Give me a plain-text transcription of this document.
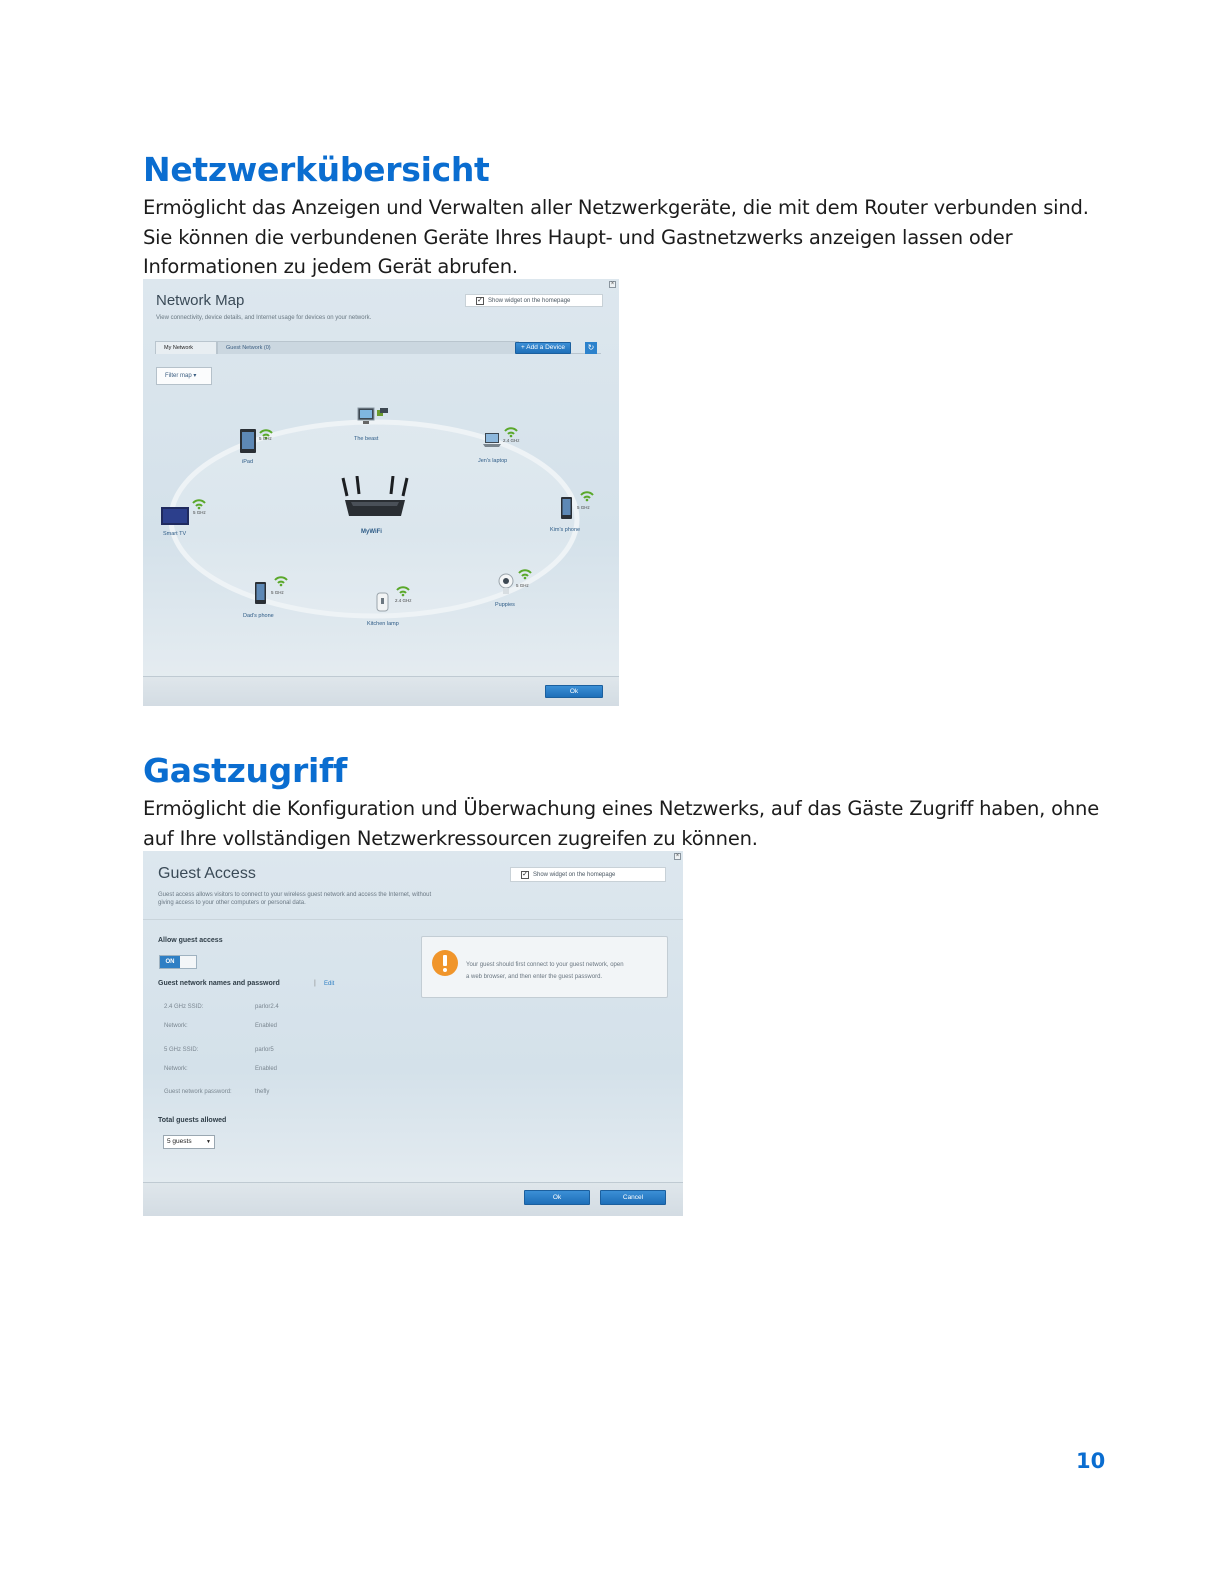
Netzwerkübersicht
Ermöglicht das Anzeigen und Verwalten aller Netzwerkgeräte, die mit dem Router verbunden sind.
Sie können die verbundenen Geräte Ihres Haupt- und Gastnetzwerks anzeigen lassen oder
Informationen zu jedem Gerät abrufen.
×
Network Map
View connectivity, device details, and Internet usage for devices on your network.
✓ Show widget on the homepage
My Network	Guest Network (0)	+ Add a Device	↻
Filter map ▾
MyWiFi
The beast
5 GHz
iPad
2.4 GHz
Jen's laptop
5 GHz
Smart TV
5 GHz
Kim's phone
5 GHz
Dad's phone
2.4 GHz
Kitchen lamp
5 GHz
Puppies
Ok
Gastzugriff
Ermöglicht die Konfiguration und Überwachung eines Netzwerks, auf das Gäste Zugriff haben, ohne
auf Ihre vollständigen Netzwerkressourcen zugreifen zu können.
×
Guest Access
Guest access allows visitors to connect to your wireless guest network and access the Internet, without
giving access to your other computers or personal data.
✓ Show widget on the homepage
Allow guest access
ON
Guest network names and password	| Edit
2.4 GHz SSID:	parlor2.4
Network:	Enabled
5 GHz SSID:	parlor5
Network:	Enabled
Guest network password:	thefly
Total guests allowed
5 guests	▼
Your guest should first connect to your guest network, open
a web browser, and then enter the guest password.
Ok	Cancel
10
